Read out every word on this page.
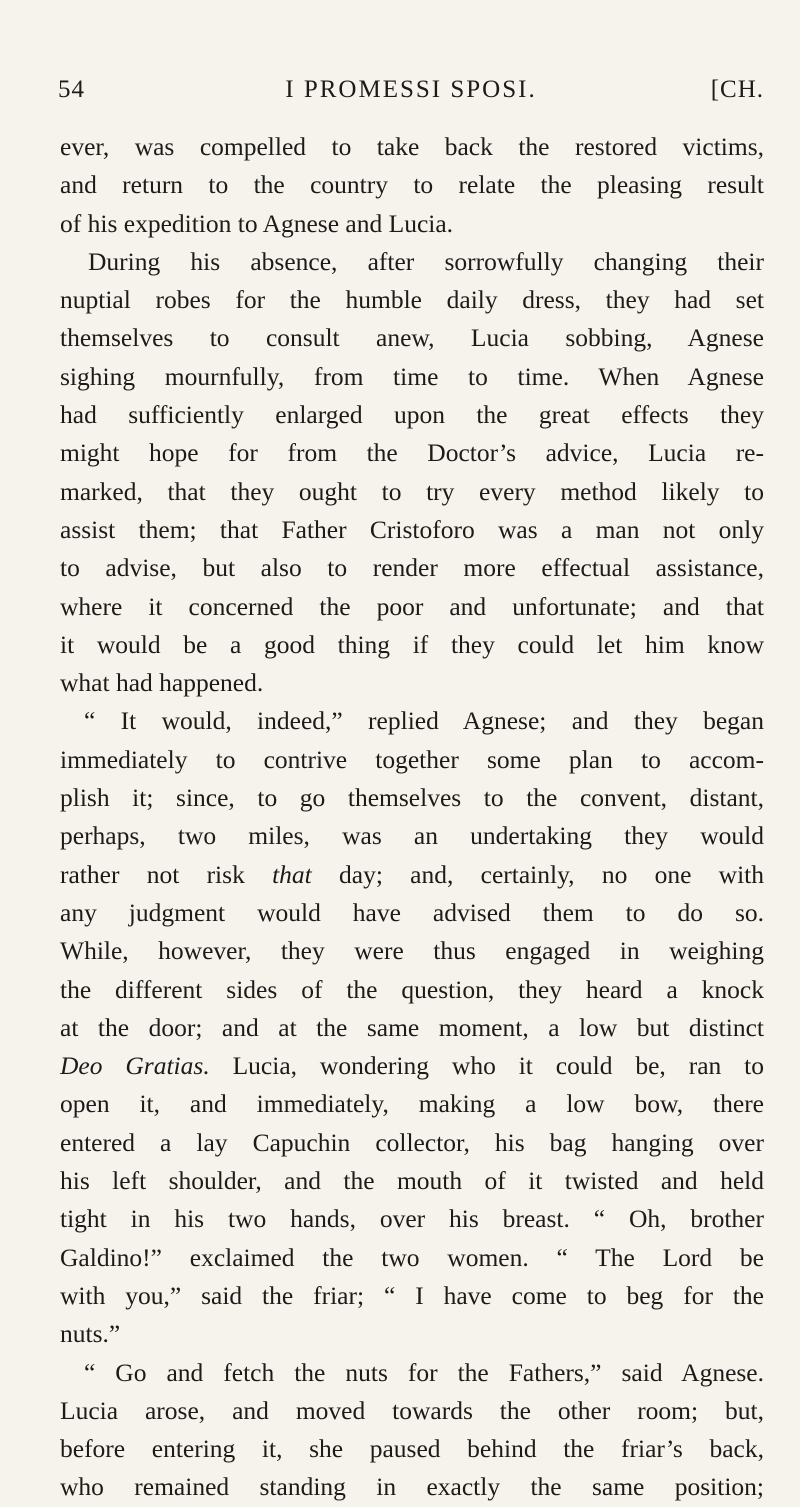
54	I PROMESSI SPOSI.	[CH.
ever, was compelled to take back the restored victims,
and return to the country to relate the pleasing result
of his expedition to Agnese and Lucia.
During his absence, after sorrowfully changing their
nuptial robes for the humble daily dress, they had set
themselves to consult anew, Lucia sobbing, Agnese
sighing mournfully, from time to time. When Agnese
had sufficiently enlarged upon the great effects they
might hope for from the Doctor’s advice, Lucia re-
marked, that they ought to try every method likely to
assist them; that Father Cristoforo was a man not only
to advise, but also to render more effectual assistance,
where it concerned the poor and unfortunate; and that
it would be a good thing if they could let him know
what had happened.
“ It would, indeed,” replied Agnese; and they began
immediately to contrive together some plan to accom-
plish it; since, to go themselves to the convent, distant,
perhaps, two miles, was an undertaking they would
rather not risk that day; and, certainly, no one with
any judgment would have advised them to do so.
While, however, they were thus engaged in weighing
the different sides of the question, they heard a knock
at the door; and at the same moment, a low but distinct
Deo Gratias. Lucia, wondering who it could be, ran to
open it, and immediately, making a low bow, there
entered a lay Capuchin collector, his bag hanging over
his left shoulder, and the mouth of it twisted and held
tight in his two hands, over his breast. “ Oh, brother
Galdino!” exclaimed the two women. “ The Lord be
with you,” said the friar; “ I have come to beg for the
nuts.”
“ Go and fetch the nuts for the Fathers,” said Agnese.
Lucia arose, and moved towards the other room; but,
before entering it, she paused behind the friar’s back,
who remained standing in exactly the same position;
